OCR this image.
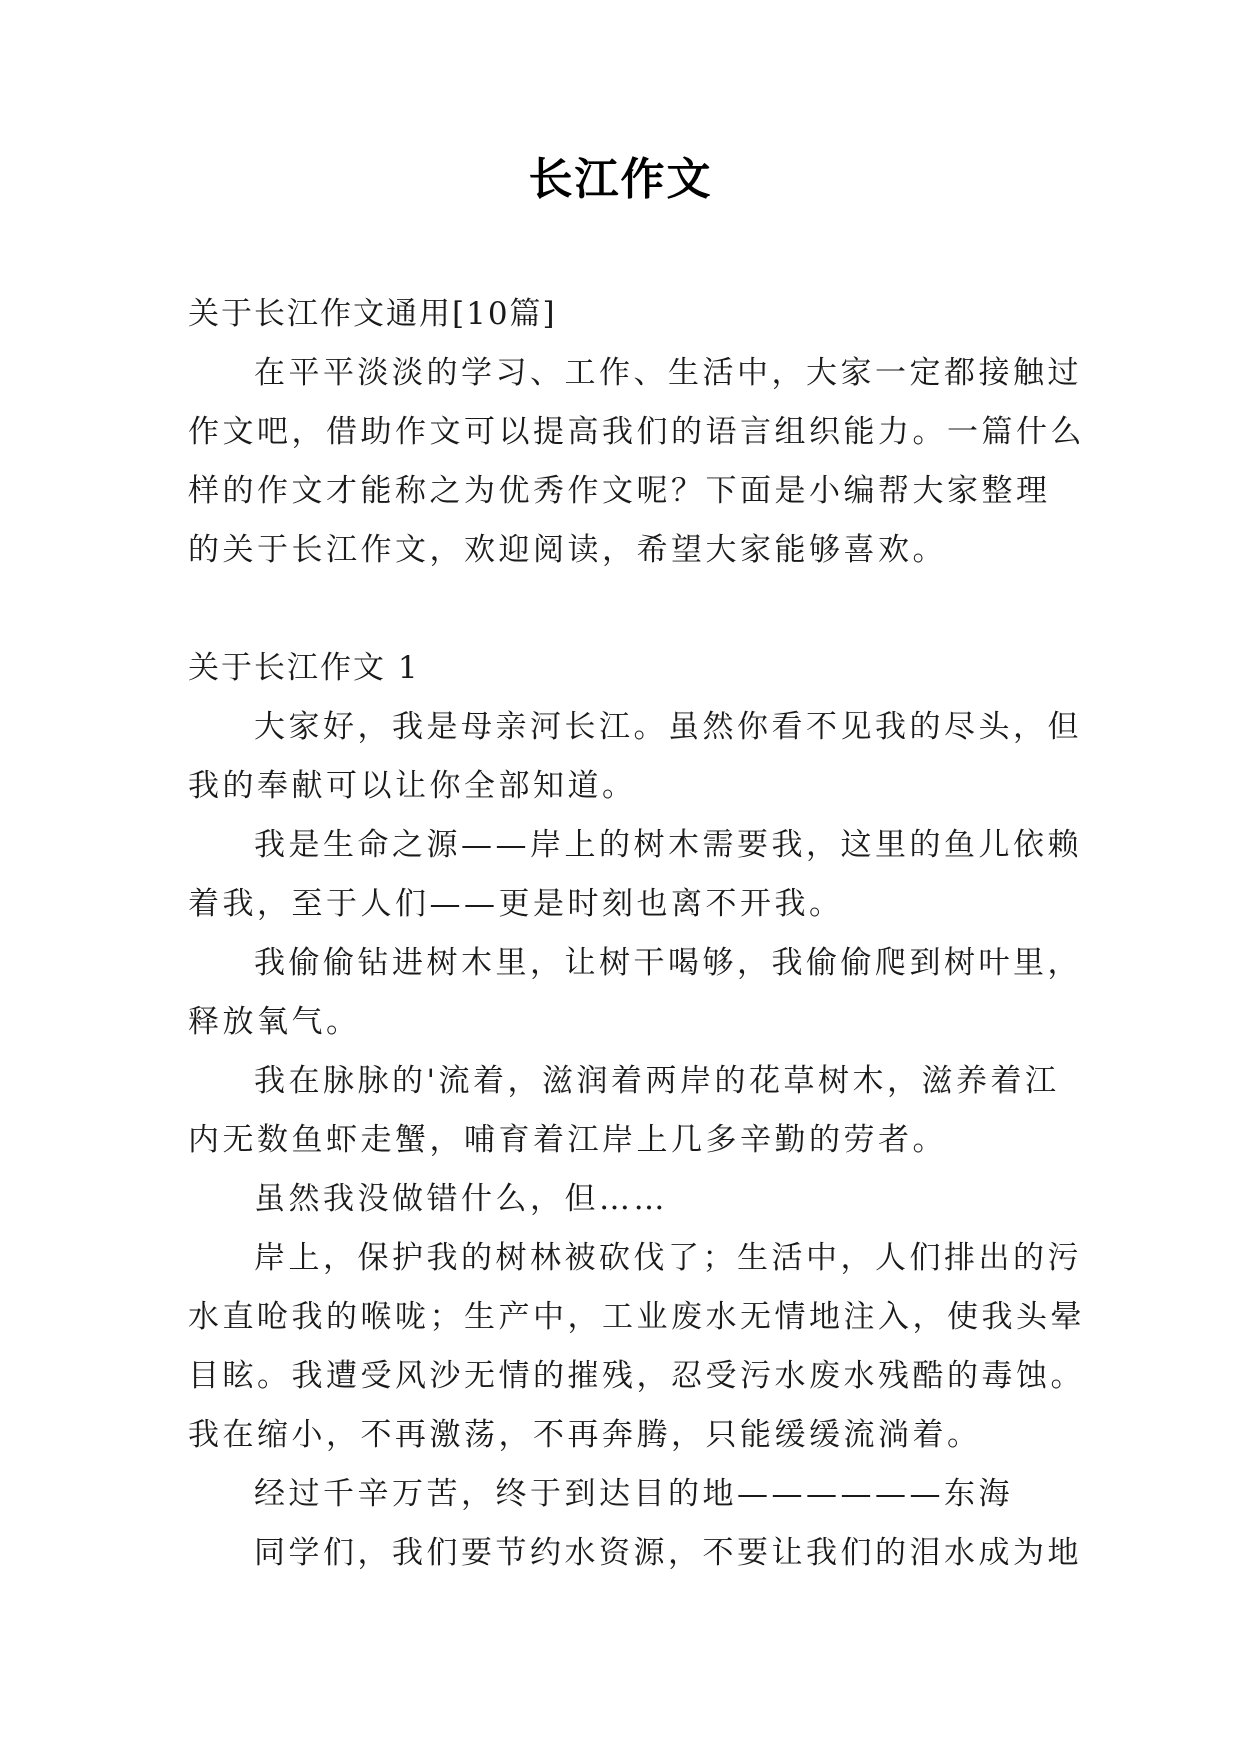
长江作文

关于长江作文通用[10篇]

在平平淡淡的学习、工作、生活中，大家一定都接触过

作文吧，借助作文可以提高我们的语言组织能力。一篇什么

样的作文才能称之为优秀作文呢？下面是小编帮大家整理

的关于长江作文，欢迎阅读，希望大家能够喜欢。

关于长江作文 1

大家好，我是母亲河长江。虽然你看不见我的尽头，但

我的奉献可以让你全部知道。

我是生命之源——岸上的树木需要我，这里的鱼儿依赖

着我，至于人们——更是时刻也离不开我。

我偷偷钻进树木里，让树干喝够，我偷偷爬到树叶里，

释放氧气。

我在脉脉的'流着，滋润着两岸的花草树木，滋养着江

内无数鱼虾走蟹，哺育着江岸上几多辛勤的劳者。

虽然我没做错什么，但……

岸上，保护我的树林被砍伐了；生活中，人们排出的污

水直呛我的喉咙；生产中，工业废水无情地注入，使我头晕

目眩。我遭受风沙无情的摧残，忍受污水废水残酷的毒蚀。

我在缩小，不再激荡，不再奔腾，只能缓缓流淌着。

经过千辛万苦，终于到达目的地——————东海

同学们，我们要节约水资源，不要让我们的泪水成为地
